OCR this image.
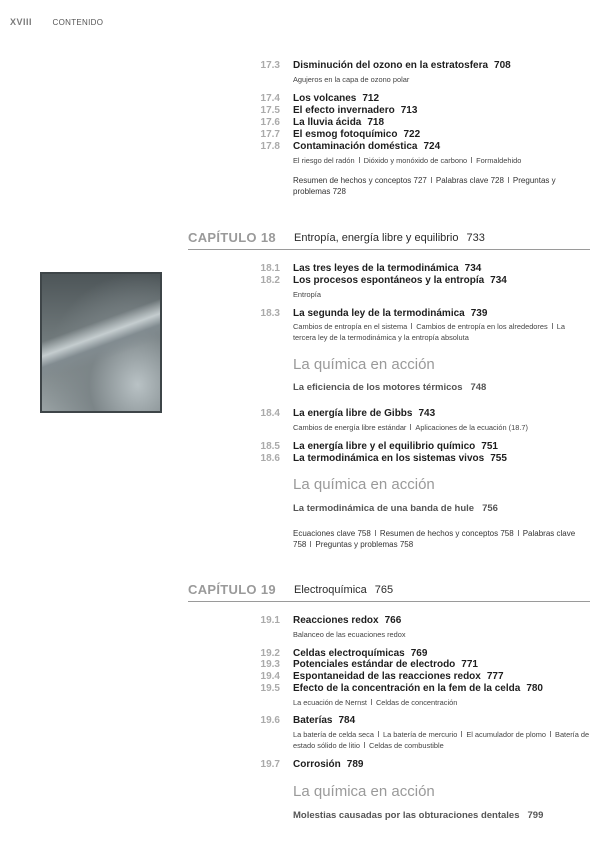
XVIII	CONTENIDO
17.3 Disminución del ozono en la estratosfera 708
Agujeros en la capa de ozono polar
17.4 Los volcanes 712
17.5 El efecto invernadero 713
17.6 La lluvia ácida 718
17.7 El esmog fotoquímico 722
17.8 Contaminación doméstica 724
El riesgo del radón Dióxido y monóxido de carbono Formaldehido
Resumen de hechos y conceptos 727 Palabras clave 728 Preguntas y problemas 728
CAPÍTULO 18 Entropía, energía libre y equilibrio 733
18.1 Las tres leyes de la termodinámica 734
18.2 Los procesos espontáneos y la entropía 734
Entropía
18.3 La segunda ley de la termodinámica 739
Cambios de entropía en el sistema Cambios de entropía en los alrededores La tercera ley de la termodinámica y la entropía absoluta
La química en acción
La eficiencia de los motores térmicos 748
18.4 La energía libre de Gibbs 743
Cambios de energía libre estándar Aplicaciones de la ecuación (18.7)
18.5 La energía libre y el equilibrio químico 751
18.6 La termodinámica en los sistemas vivos 755
La química en acción
La termodinámica de una banda de hule 756
Ecuaciones clave 758 Resumen de hechos y conceptos 758 Palabras clave 758 Preguntas y problemas 758
CAPÍTULO 19 Electroquímica 765
19.1 Reacciones redox 766
Balanceo de las ecuaciones redox
19.2 Celdas electroquímicas 769
19.3 Potenciales estándar de electrodo 771
19.4 Espontaneidad de las reacciones redox 777
19.5 Efecto de la concentración en la fem de la celda 780
La ecuación de Nernst Celdas de concentración
19.6 Baterías 784
La batería de celda seca La batería de mercurio El acumulador de plomo Batería de estado sólido de litio Celdas de combustible
19.7 Corrosión 789
La química en acción
Molestias causadas por las obturaciones dentales 799
